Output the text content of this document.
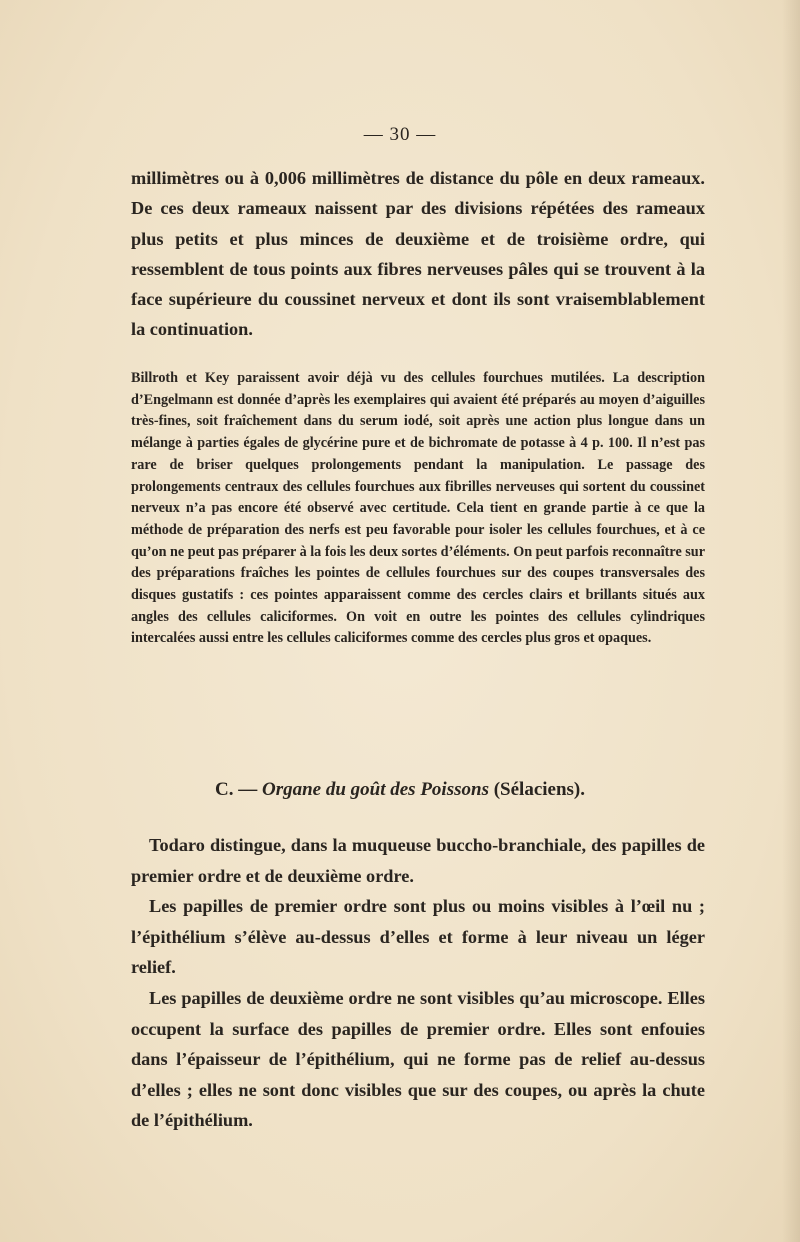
— 30 —

millimètres ou à 0,006 millimètres de distance du pôle en deux rameaux. De ces deux rameaux naissent par des divisions répétées des rameaux plus petits et plus minces de deuxième et de troisième ordre, qui ressemblent de tous points aux fibres nerveuses pâles qui se trouvent à la face supérieure du coussinet nerveux et dont ils sont vraisemblablement la continuation.

Billroth et Key paraissent avoir déjà vu des cellules fourchues mutilées. La description d’Engelmann est donnée d’après les exemplaires qui avaient été préparés au moyen d’aiguilles très-fines, soit fraîchement dans du serum iodé, soit après une action plus longue dans un mélange à parties égales de glycérine pure et de bichromate de potasse à 4 p. 100. Il n’est pas rare de briser quelques prolongements pendant la manipulation. Le passage des prolongements centraux des cellules fourchues aux fibrilles nerveuses qui sortent du coussinet nerveux n’a pas encore été observé avec certitude. Cela tient en grande partie à ce que la méthode de préparation des nerfs est peu favorable pour isoler les cellules fourchues, et à ce qu’on ne peut pas préparer à la fois les deux sortes d’éléments. On peut parfois reconnaître sur des préparations fraîches les pointes de cellules fourchues sur des coupes transversales des disques gustatifs : ces pointes apparaissent comme des cercles clairs et brillants situés aux angles des cellules caliciformes. On voit en outre les pointes des cellules cylindriques intercalées aussi entre les cellules caliciformes comme des cercles plus gros et opaques.

C. — Organe du goût des Poissons (Sélaciens).

Todaro distingue, dans la muqueuse buccho-branchiale, des papilles de premier ordre et de deuxième ordre.

Les papilles de premier ordre sont plus ou moins visibles à l’œil nu ; l’épithélium s’élève au-dessus d’elles et forme à leur niveau un léger relief.

Les papilles de deuxième ordre ne sont visibles qu’au microscope. Elles occupent la surface des papilles de premier ordre. Elles sont enfouies dans l’épaisseur de l’épithélium, qui ne forme pas de relief au-dessus d’elles ; elles ne sont donc visibles que sur des coupes, ou après la chute de l’épithélium.
